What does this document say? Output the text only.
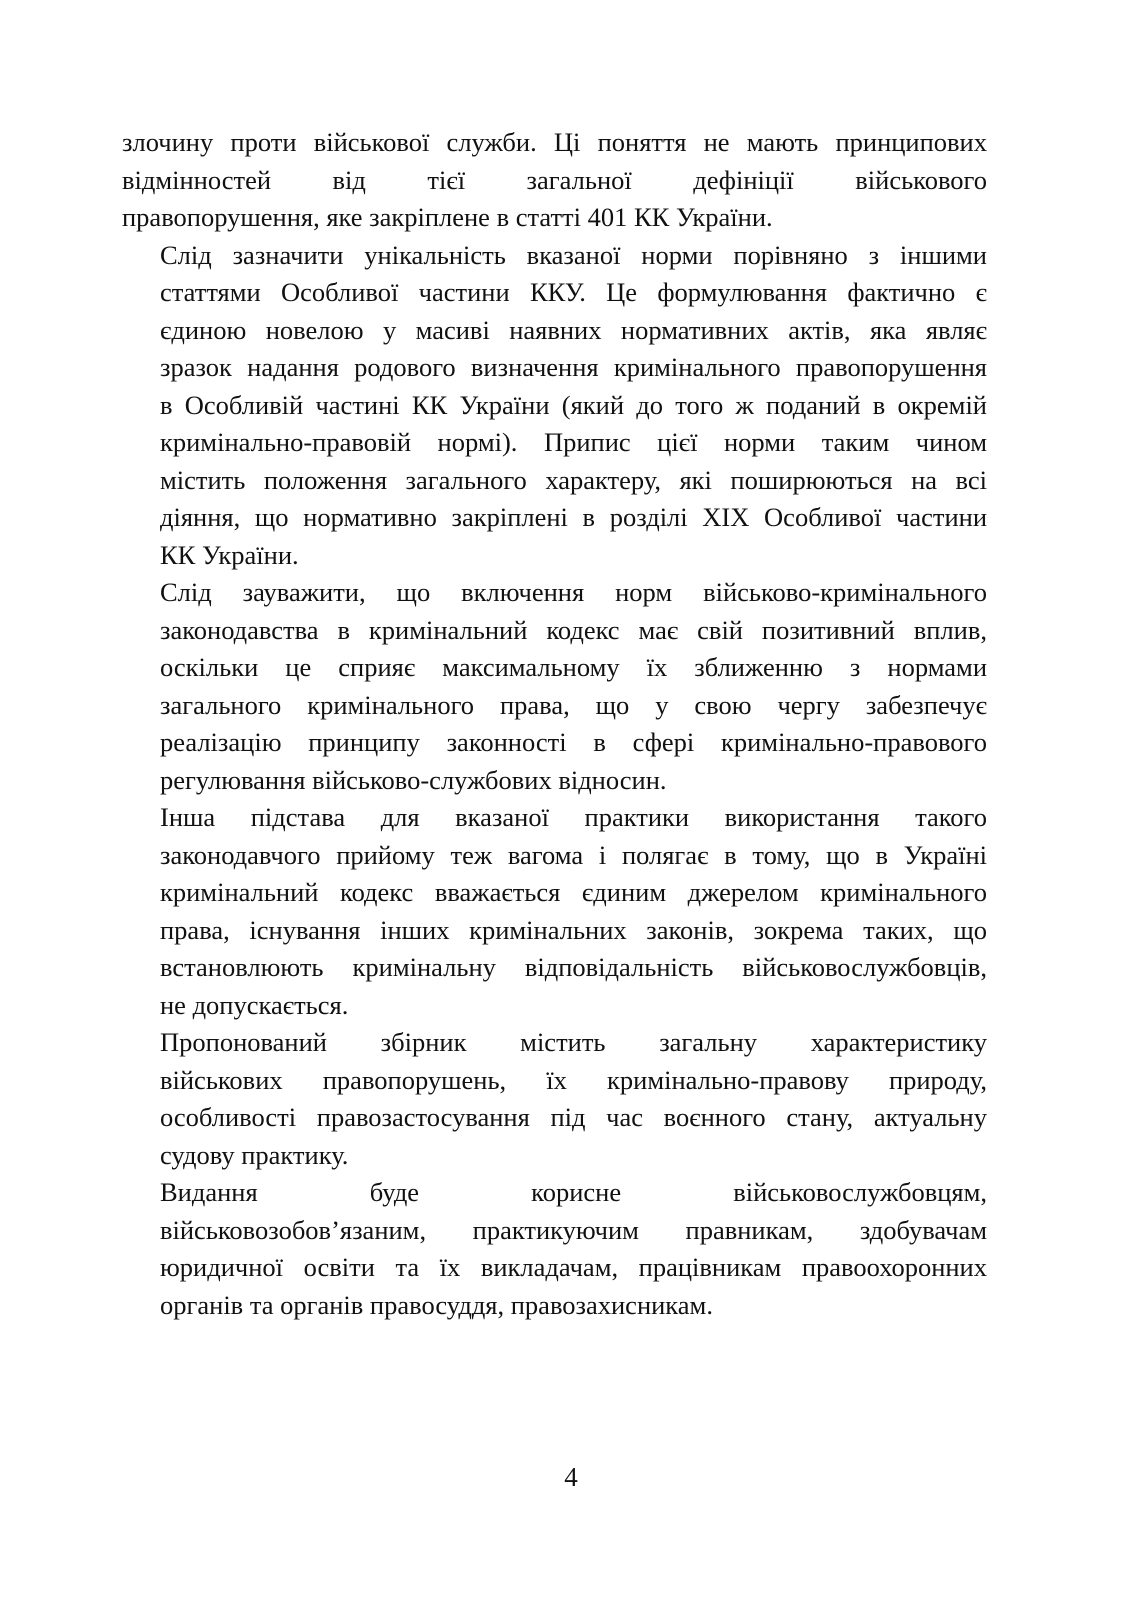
злочину проти військової служби. Ці поняття не мають принципових
відмінностей від тієї загальної дефініції військового
правопорушення, яке закріплене в статті 401 КК України.

Слід зазначити унікальність вказаної норми порівняно з іншими
статтями Особливої частини ККУ. Це формулювання фактично є
єдиною новелою у масиві наявних нормативних актів, яка являє
зразок надання родового визначення кримінального правопорушення
в Особливій частині КК України (який до того ж поданий в окремій
кримінально-правовій нормі). Припис цієї норми таким чином
містить положення загального характеру, які поширюються на всі
діяння, що нормативно закріплені в розділі XIX Особливої частини
КК України.

Слід зауважити, що включення норм військово-кримінального
законодавства в кримінальний кодекс має свій позитивний вплив,
оскільки це сприяє максимальному їх зближенню з нормами
загального кримінального права, що у свою чергу забезпечує
реалізацію принципу законності в сфері кримінально-правового
регулювання військово-службових відносин.

Інша підстава для вказаної практики використання такого
законодавчого прийому теж вагома і полягає в тому, що в Україні
кримінальний кодекс вважається єдиним джерелом кримінального
права, існування інших кримінальних законів, зокрема таких, що
встановлюють кримінальну відповідальність військовослужбовців,
не допускається.

Пропонований збірник містить загальну характеристику
військових правопорушень, їх кримінально-правову природу,
особливості правозастосування під час воєнного стану, актуальну
судову практику.

Видання буде корисне військовослужбовцям,
військовозобов’язаним, практикуючим правникам, здобувачам
юридичної освіти та їх викладачам, працівникам правоохоронних
органів та органів правосуддя, правозахисникам.

4
